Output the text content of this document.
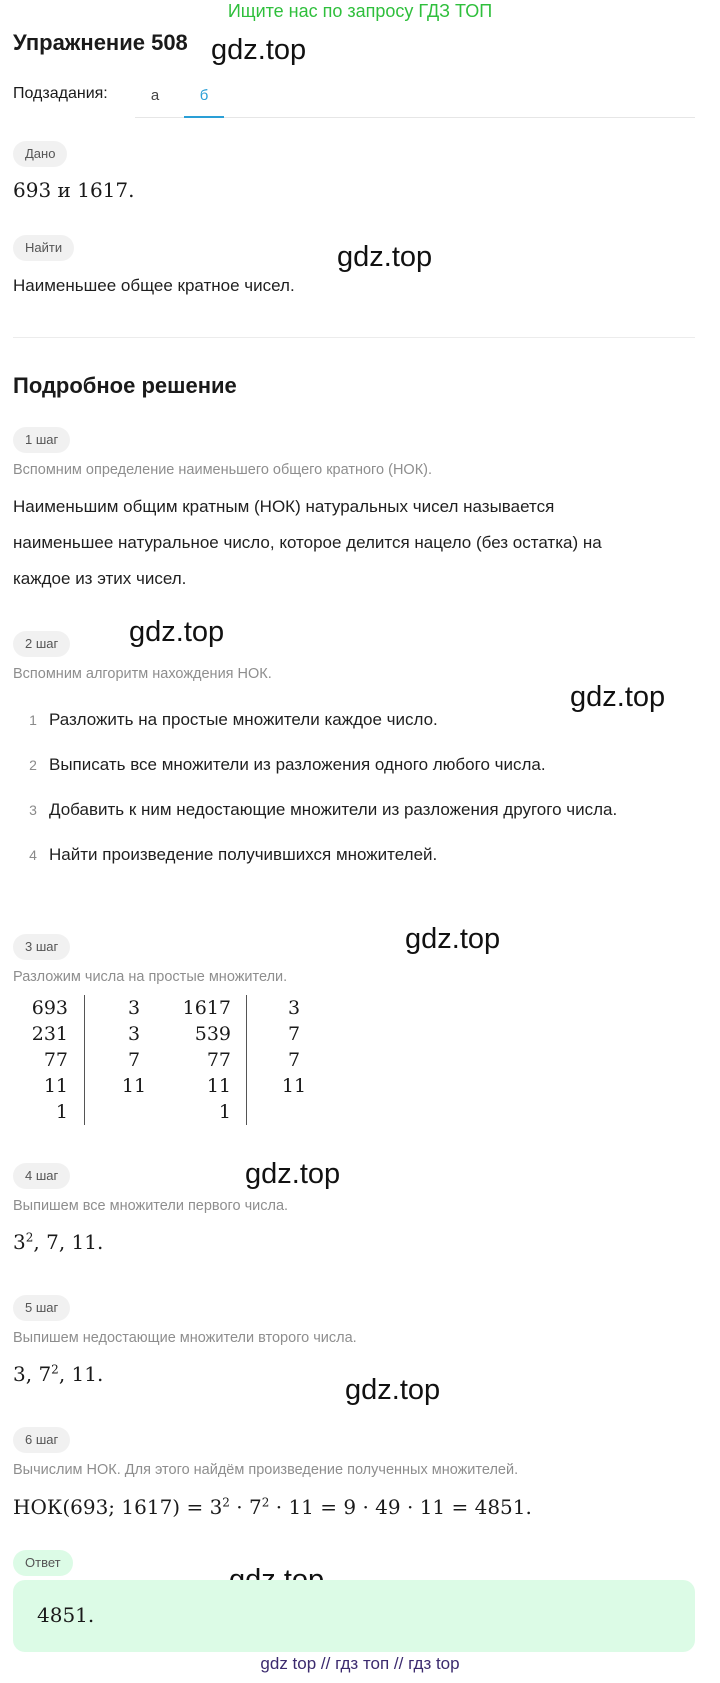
Ищите нас по запросу ГДЗ ТОП
Упражнение 508 gdz.top
gdz.top
gdz.top
gdz.top
gdz.top
gdz.top
gdz.top
Подзадания:	а	б
Дано
693 и 1617.
Найти
Наименьшее общее кратное чисел.
Подробное решение
1 шаг
Вспомним определение наименьшего общего кратного (НОК).
Наименьшим общим кратным (НОК) натуральных чисел называется
наименьшее натуральное число, которое делится нацело (без остатка) на
каждое из этих чисел.
2 шаг
Вспомним алгоритм нахождения НОК.
1 Разложить на простые множители каждое число.
2 Выписать все множители из разложения одного любого числа.
3 Добавить к ним недостающие множители из разложения другого числа.
4 Найти произведение получившихся множителей.
3 шаг
Разложим числа на простые множители.
693
231
77
11
1
3
3
7
11
1617
539
77
11
1
3
7
7
11
4 шаг
Выпишем все множители первого числа.
$3^2$, 7, 11.
5 шаг
Выпишем недостающие множители второго числа.
3, $7^2$, 11.
6 шаг
Вычислим НОК. Для этого найдём произведение полученных множителей.
НОК(693; $1617) = 3^2 \cdot 7^2 \cdot 11 = 9 \cdot 49 \cdot 11 = 4851$.
Ответ
4851.
gdz top // гдз топ // гдз top
